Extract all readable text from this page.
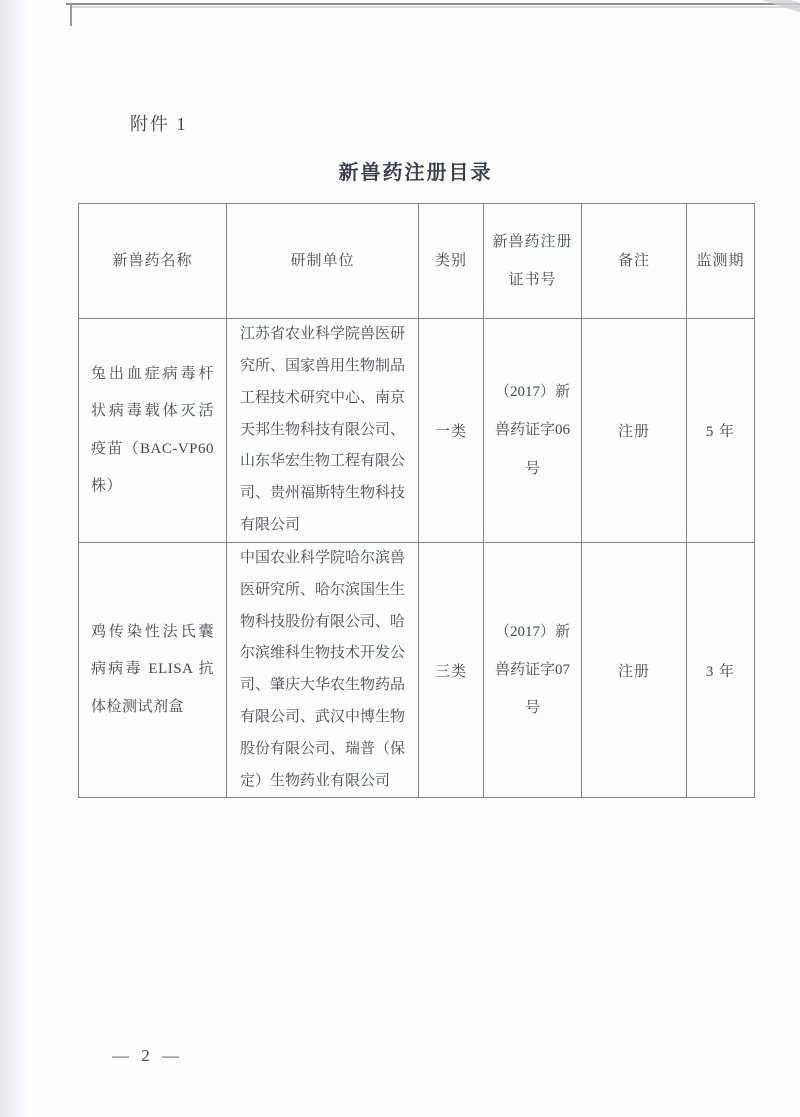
附件 1
新兽药注册目录
新兽药名称	研制单位	类别	新兽药注册证书号	备注	监测期
兔出血症病毒杆状病毒载体灭活疫苗（BAC-VP60 株）	江苏省农业科学院兽医研究所、国家兽用生物制品工程技术研究中心、南京天邦生物科技有限公司、山东华宏生物工程有限公司、贵州福斯特生物科技有限公司	一类	（2017）新兽药证字06号	注册	5 年
鸡传染性法氏囊病病毒 ELISA 抗体检测试剂盒	中国农业科学院哈尔滨兽医研究所、哈尔滨国生生物科技股份有限公司、哈尔滨维科生物技术开发公司、肇庆大华农生物药品有限公司、武汉中博生物股份有限公司、瑞普（保定）生物药业有限公司	三类	（2017）新兽药证字07号	注册	3 年
— 2 —
